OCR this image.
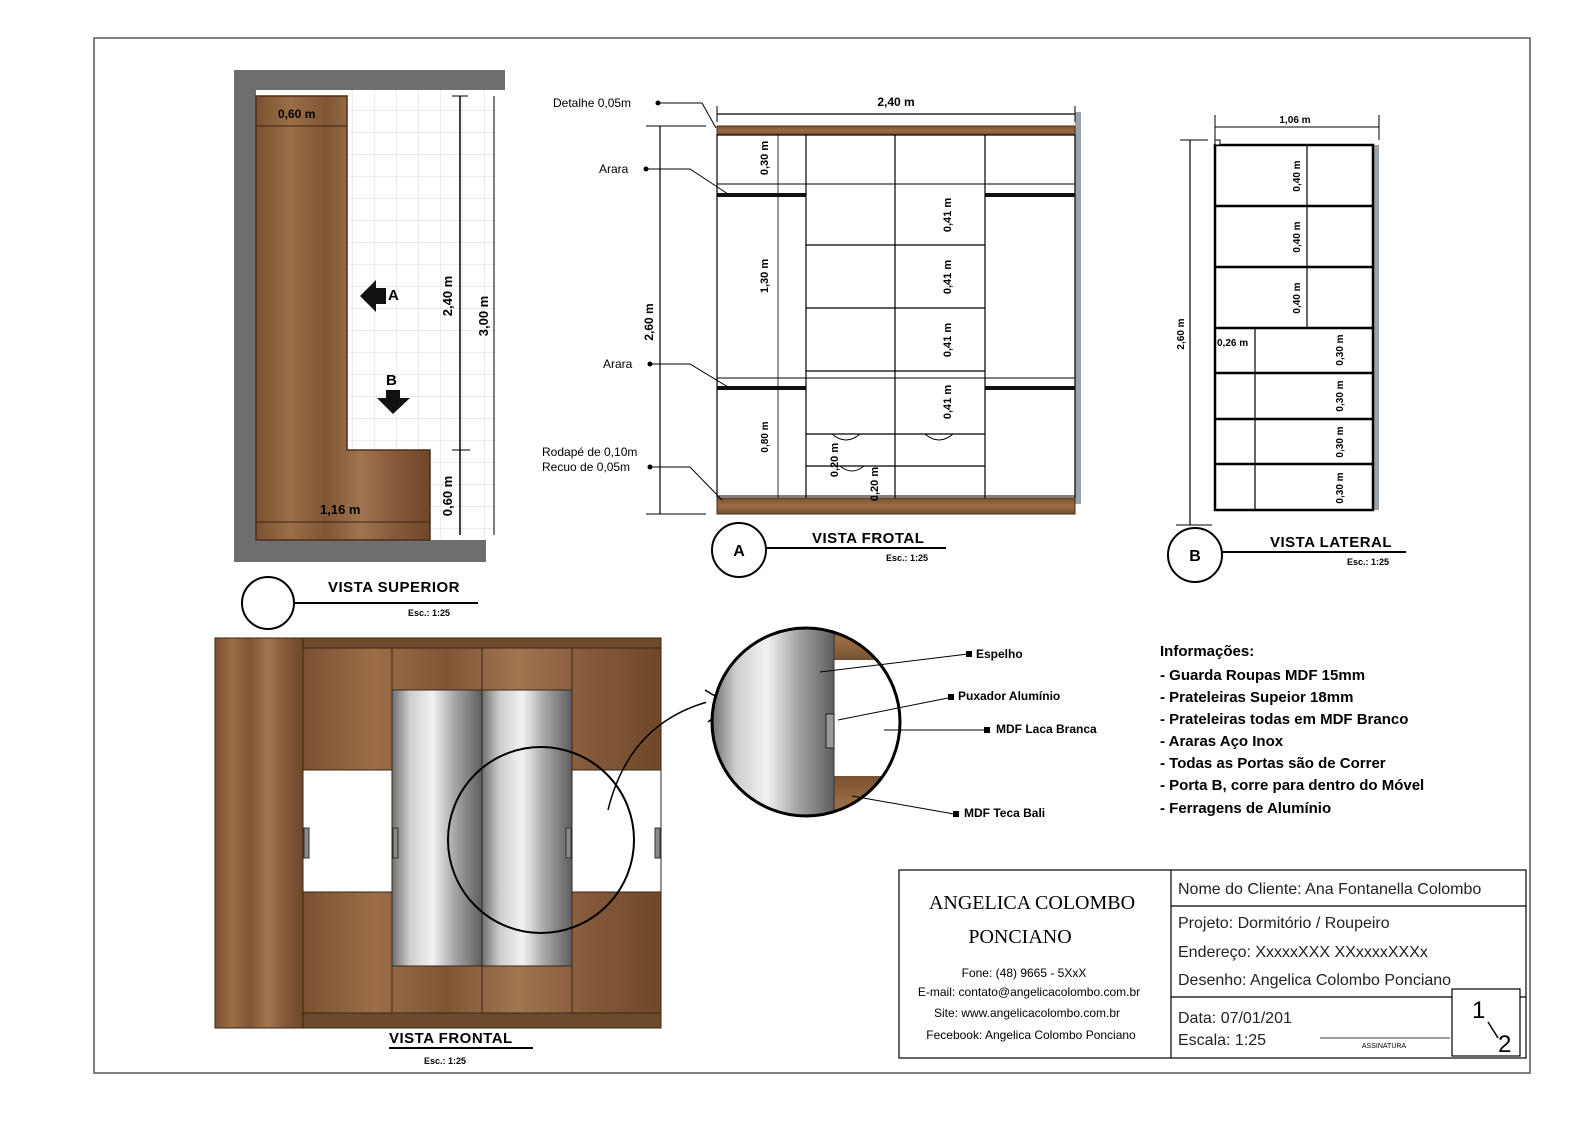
0,60 m
2,40 m 3,00 m
0,60 m
1,16 m
A
B
VISTA SUPERIOR
Esc.: 1:25
2,40 m
2,60 m
0,30 m
1,30 m
0,80 m
0,41 m
0,41 m
0,41 m
0,41 m
0,20 m
0,20 m
Detalhe 0,05m
Arara
Arara
Rodapé de 0,10m
Recuo de 0,05m
A
VISTA FROTAL
Esc.: 1:25
1,06 m
2,60 m
0,40 m
0,40 m
0,40 m
0,26 m	0,30 m
0,30 m
0,30 m
0,30 m
B
VISTA LATERAL
Esc.: 1:25
VISTA FRONTAL
Esc.: 1:25
Espelho
Puxador Alumínio
MDF Laca Branca
MDF Teca Bali
Informações:
- Guarda Roupas MDF 15mm
- Prateleiras Supeior 18mm
- Prateleiras todas em MDF Branco
- Araras Aço Inox
- Todas as Portas são de Correr
- Porta B, corre para dentro do Móvel
- Ferragens de Alumínio
ANGELICA COLOMBO
PONCIANO
Fone: (48) 9665 - 5XxX
E-mail: contato@angelicacolombo.com.br
Site: www.angelicacolombo.com.br
Fecebook: Angelica Colombo Ponciano
Nome do Cliente: Ana Fontanella Colombo
Projeto: Dormitório / Roupeiro
Endereço: XxxxxXXX XXxxxxXXXx
Desenho: Angelica Colombo Ponciano
Data: 07/01/201
Escala: 1:25	ASSINATURA
1
2
